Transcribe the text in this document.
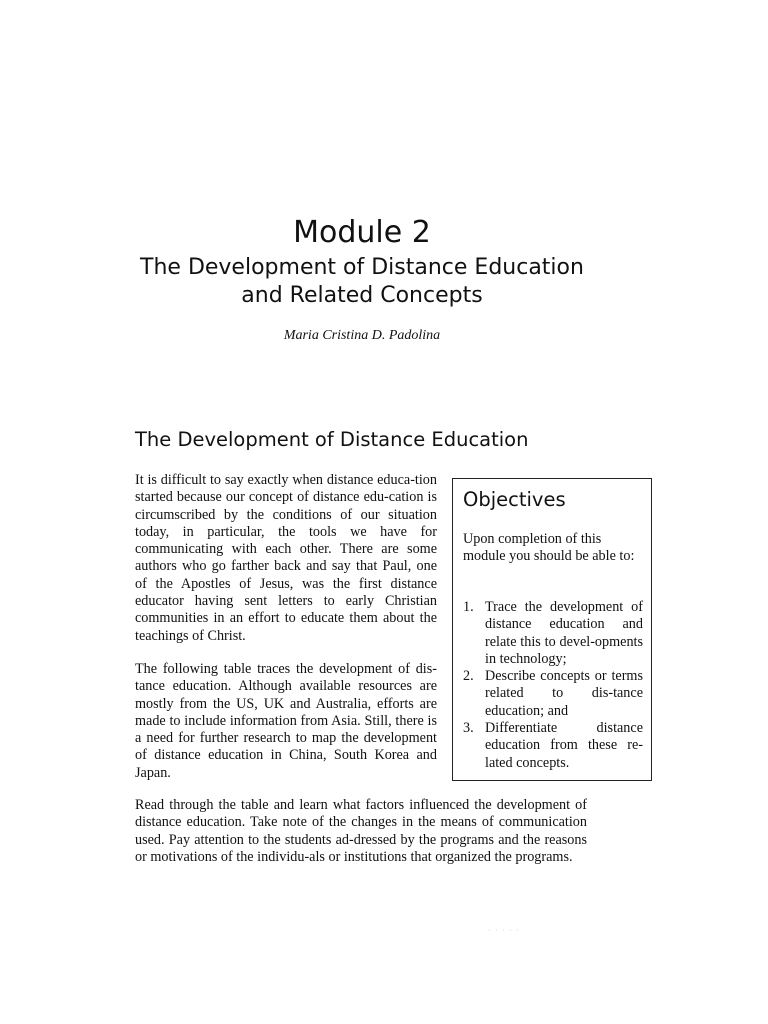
Module 2
The Development of Distance Education
and Related Concepts
Maria Cristina D. Padolina
The Development of Distance Education

It is difficult to say exactly when distance educa-tion started because our concept of distance edu-cation is circumscribed by the conditions of our situation today, in particular, the tools we have for communicating with each other. There are some authors who go farther back and say that Paul, one of the Apostles of Jesus, was the first distance educator having sent letters to early Christian communities in an effort to educate them about the teachings of Christ.

The following table traces the development of dis-tance education. Although available resources are mostly from the US, UK and Australia, efforts are made to include information from Asia. Still, there is a need for further research to map the development of distance education in China, South Korea and Japan.

Read through the table and learn what factors influenced the development of distance education. Take note of the changes in the means of communication used. Pay attention to the students ad-dressed by the programs and the reasons or motivations of the individu-als or institutions that organized the programs.

Objectives

Upon completion of this module you should be able to:

1. Trace the development of distance education and relate this to devel-opments in technology;
2. Describe concepts or terms related to dis-tance education; and
3. Differentiate distance education from these re-lated concepts.
· · · · ·
